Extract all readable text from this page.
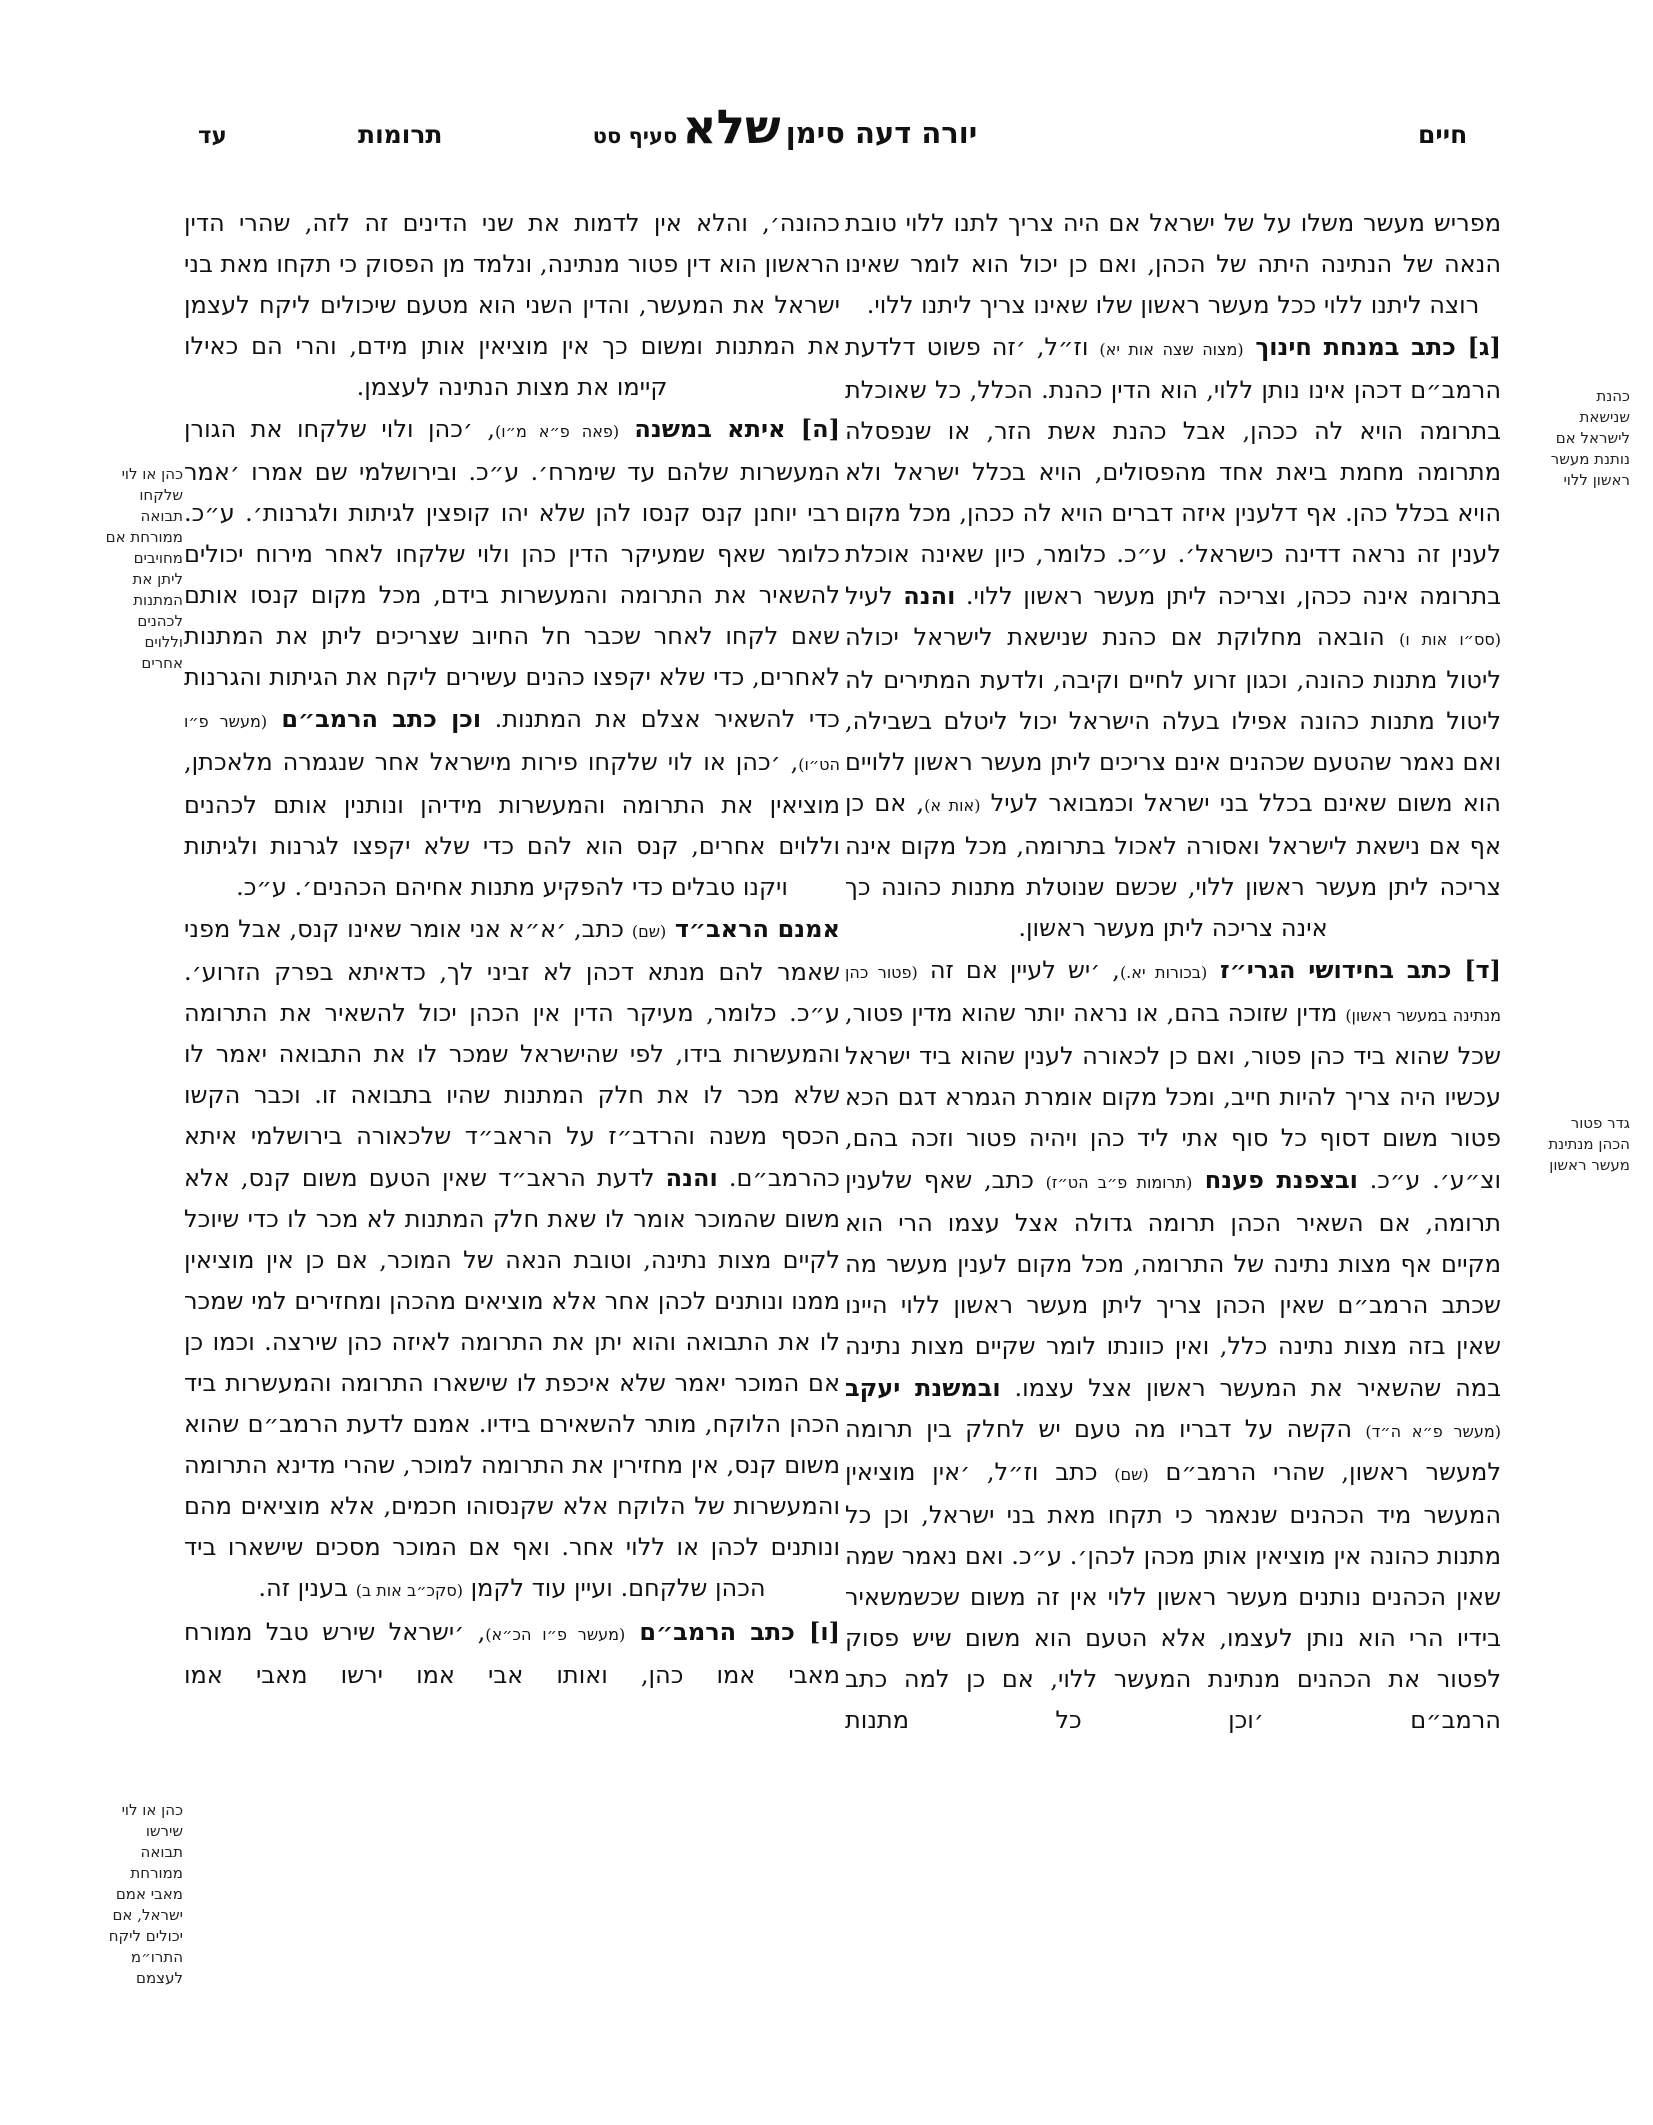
עד	תרומות	יורה דעה סימן שלא סעיף סט	חיים

מפריש מעשר משלו על של ישראל אם היה צריך לתנו ללוי טובת הנאה של הנתינה היתה של הכהן, ואם כן יכול הוא לומר שאינו רוצה ליתנו ללוי ככל מעשר ראשון שלו שאינו צריך ליתנו ללוי.

[ג] כתב במנחת חינוך (מצוה שצה אות יא) וז״ל, ׳זה פשוט דלדעת הרמב״ם דכהן אינו נותן ללוי, הוא הדין כהנת. הכלל, כל שאוכלת בתרומה הויא לה ככהן, אבל כהנת אשת הזר, או שנפסלה מתרומה מחמת ביאת אחד מהפסולים, הויא בכלל ישראל ולא הויא בכלל כהן. אף דלענין איזה דברים הויא לה ככהן, מכל מקום לענין זה נראה דדינה כישראל׳. ע״כ. כלומר, כיון שאינה אוכלת בתרומה אינה ככהן, וצריכה ליתן מעשר ראשון ללוי. והנה לעיל (סס״ו אות ו) הובאה מחלוקת אם כהנת שנישאת לישראל יכולה ליטול מתנות כהונה, וכגון זרוע לחיים וקיבה, ולדעת המתירים לה ליטול מתנות כהונה אפילו בעלה הישראל יכול ליטלם בשבילה, ואם נאמר שהטעם שכהנים אינם צריכים ליתן מעשר ראשון ללויים הוא משום שאינם בכלל בני ישראל וכמבואר לעיל (אות א), אם כן אף אם נישאת לישראל ואסורה לאכול בתרומה, מכל מקום אינה צריכה ליתן מעשר ראשון ללוי, שכשם שנוטלת מתנות כהונה כך אינה צריכה ליתן מעשר ראשון.

[ד] כתב בחידושי הגרי״ז (בכורות יא.), ׳יש לעיין אם זה (פטור כהן מנתינה במעשר ראשון) מדין שזוכה בהם, או נראה יותר שהוא מדין פטור, שכל שהוא ביד כהן פטור, ואם כן לכאורה לענין שהוא ביד ישראל עכשיו היה צריך להיות חייב, ומכל מקום אומרת הגמרא דגם הכא פטור משום דסוף כל סוף אתי ליד כהן ויהיה פטור וזכה בהם, וצ״ע׳. ע״כ. ובצפנת פענח (תרומות פ״ב הט״ז) כתב, שאף שלענין תרומה, אם השאיר הכהן תרומה גדולה אצל עצמו הרי הוא מקיים אף מצות נתינה של התרומה, מכל מקום לענין מעשר מה שכתב הרמב״ם שאין הכהן צריך ליתן מעשר ראשון ללוי היינו שאין בזה מצות נתינה כלל, ואין כוונתו לומר שקיים מצות נתינה במה שהשאיר את המעשר ראשון אצל עצמו. ובמשנת יעקב (מעשר פ״א ה״ד) הקשה על דבריו מה טעם יש לחלק בין תרומה למעשר ראשון, שהרי הרמב״ם (שם) כתב וז״ל, ׳אין מוציאין המעשר מיד הכהנים שנאמר כי תקחו מאת בני ישראל, וכן כל מתנות כהונה אין מוציאין אותן מכהן לכהן׳. ע״כ. ואם נאמר שמה שאין הכהנים נותנים מעשר ראשון ללוי אין זה משום שכשמשאיר בידיו הרי הוא נותן לעצמו, אלא הטעם הוא משום שיש פסוק לפטור את הכהנים מנתינת המעשר ללוי, אם כן למה כתב הרמב״ם ׳וכן כל מתנות

כהונה׳, והלא אין לדמות את שני הדינים זה לזה, שהרי הדין הראשון הוא דין פטור מנתינה, ונלמד מן הפסוק כי תקחו מאת בני ישראל את המעשר, והדין השני הוא מטעם שיכולים ליקח לעצמן את המתנות ומשום כך אין מוציאין אותן מידם, והרי הם כאילו קיימו את מצות הנתינה לעצמן.

[ה] איתא במשנה (פאה פ״א מ״ו), ׳כהן ולוי שלקחו את הגורן המעשרות שלהם עד שימרח׳. ע״כ. ובירושלמי שם אמרו ׳אמר רבי יוחנן קנס קנסו להן שלא יהו קופצין לגיתות ולגרנות׳. ע״כ. כלומר שאף שמעיקר הדין כהן ולוי שלקחו לאחר מירוח יכולים להשאיר את התרומה והמעשרות בידם, מכל מקום קנסו אותם שאם לקחו לאחר שכבר חל החיוב שצריכים ליתן את המתנות לאחרים, כדי שלא יקפצו כהנים עשירים ליקח את הגיתות והגרנות כדי להשאיר אצלם את המתנות. וכן כתב הרמב״ם (מעשר פ״ו הט״ו), ׳כהן או לוי שלקחו פירות מישראל אחר שנגמרה מלאכתן, מוציאין את התרומה והמעשרות מידיהן ונותנין אותם לכהנים וללוים אחרים, קנס הוא להם כדי שלא יקפצו לגרנות ולגיתות ויקנו טבלים כדי להפקיע מתנות אחיהם הכהנים׳. ע״כ.

אמנם הראב״ד (שם) כתב, ׳א״א אני אומר שאינו קנס, אבל מפני שאמר להם מנתא דכהן לא זביני לך, כדאיתא בפרק הזרוע׳. ע״כ. כלומר, מעיקר הדין אין הכהן יכול להשאיר את התרומה והמעשרות בידו, לפי שהישראל שמכר לו את התבואה יאמר לו שלא מכר לו את חלק המתנות שהיו בתבואה זו. וכבר הקשו הכסף משנה והרדב״ז על הראב״ד שלכאורה בירושלמי איתא כהרמב״ם. והנה לדעת הראב״ד שאין הטעם משום קנס, אלא משום שהמוכר אומר לו שאת חלק המתנות לא מכר לו כדי שיוכל לקיים מצות נתינה, וטובת הנאה של המוכר, אם כן אין מוציאין ממנו ונותנים לכהן אחר אלא מוציאים מהכהן ומחזירים למי שמכר לו את התבואה והוא יתן את התרומה לאיזה כהן שירצה. וכמו כן אם המוכר יאמר שלא איכפת לו שישארו התרומה והמעשרות ביד הכהן הלוקח, מותר להשאירם בידיו. אמנם לדעת הרמב״ם שהוא משום קנס, אין מחזירין את התרומה למוכר, שהרי מדינא התרומה והמעשרות של הלוקח אלא שקנסוהו חכמים, אלא מוציאים מהם ונותנים לכהן או ללוי אחר. ואף אם המוכר מסכים שישארו ביד הכהן שלקחם. ועיין עוד לקמן (סקכ״ב אות ב) בענין זה.

[ו] כתב הרמב״ם (מעשר פ״ו הכ״א), ׳ישראל שירש טבל ממורח מאבי אמו כהן, ואותו אבי אמו ירשו מאבי אמו

כהנת
שנישאת
לישראל אם
נותנת מעשר
ראשון ללוי
גדר פטור
הכהן מנתינת
מעשר ראשון
כהן או לוי
שלקחו
תבואה
ממורחת אם
מחויבים
ליתן את
המתנות
לכהנים
וללוים
אחרים
כהן או לוי
שירשו
תבואה
ממורחת
מאבי אמם
ישראל, אם
יכולים ליקח
התרו״מ
לעצמם
